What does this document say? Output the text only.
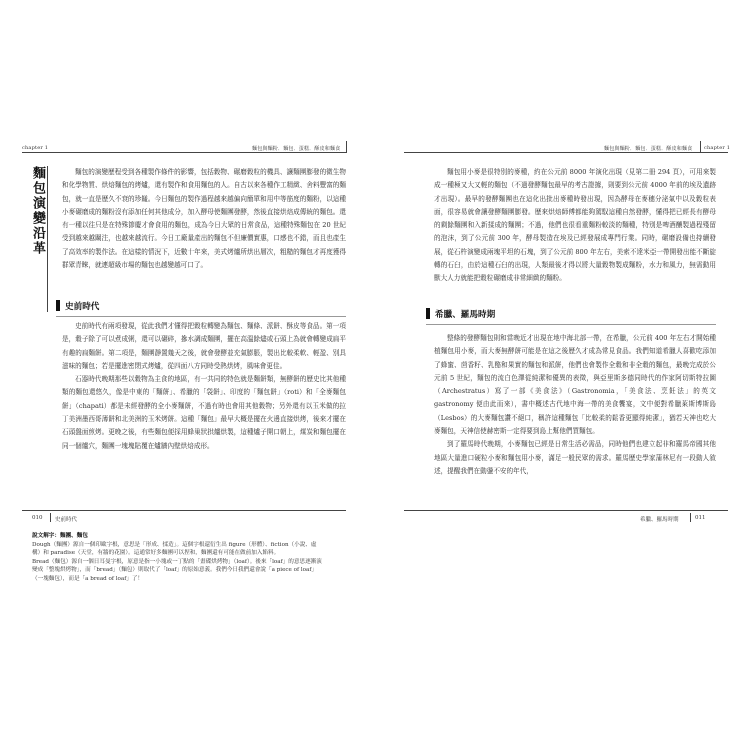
chapter 1	麵包與麵粉．麵包．蛋糕．酥皮和麵食
麵包演變沿革	麵包的演變歷程受到各種製作條件的影響，包括穀物、碾磨穀粒的機具、讓麵團膨發的微生物和化學物質、烘焙麵包的烤爐，還有製作和食用麵包的人。自古以來各種作工精緻、舍料豐富的麵包，就一直是歷久不衰的珍饈。今日麵包的製作過程越來越偏向簡單和用中等筋度的麵粉，以這種小麥碾磨成的麵粉沒有添加任何其他成分，加入酵母使麵團發酵，然後直接烘焙成傳統的麵包。還有一種以往只是在特殊節慶才會食用的麵包，成為今日大眾的日常食品，這種特殊麵包在 20 世紀受到越來越關注，也越來越流行。今日工廠量產出的麵包不但廉價實惠，口感也不錯，而且也產生了高效率的製作法。在這樣的情況下，近數十年來，美式烤爐所烘出層次，粗糙的麵包才再度獲得群眾青睞，就連超級市場的麵包也越變越可口了。

史前時代

史前時代有兩項發現，從此我們才懂得把穀粒轉變為麵包、麵條、派餅、酥皮等食品。第一項是，穀子除了可以煮成粥，還可以碾碎，摻水調成麵團，擺在高溫餘燼或石頭上為就會轉變成扁平有趣的扁麵餅。第二項是，麵團靜置幾天之後，就會發酵並充氣膨脹，製出比較柔軟、輕盈、別具滋味的麵包；若是擺進密閉式烤爐，從四面八方同時受熱烘烤，風味會更佳。

石器時代晚期那些以穀物為主食的地區，有一共同的特色就是麵餅類，無酵餅的歷史比其他種類的麵包還悠久，像是中東的「麵餅」、希臘的「袋餅」、印度的「麵包餅」（roti）和「全麥麵包餅」（chapati）都是未經發酵的全小麥麵餅，不過有時也會用其他穀物；另外還有以玉米做的拉丁美洲墨西哥薄餅和北美洲的玉米烤餅。這種「麵包」最早大概是擺在火邊直接烘烤，後來才擺在石頭盤面煎烤。更晚之後，有些麵包便採用蜂巢狀拱爐烘製，這種爐子開口朝上，煤炭和麵包擺在同一個爐穴，麵團一塊塊貼覆在爐牆內壁烘焙成形。

010 史前時代

說文解字：麵團、麵包

Dough（麵團）源自一個印歐字根，意思是「形成、揉造」。這個字根還衍生出 figure（形體）、fiction（小說、虛構）和 paradise（天堂，有牆的花園）。這通常好多麵團可以捏和，麵團還有可能在做前加入餡料。

Bread（麵包）源自一個日耳曼字根，原意是指一小塊或一丁點的「畫碟烘烤物」（loaf）。後來「loaf」的意思逐漸演變成「整塊烘烤物」，而「bread」（麵包）則取代了「loaf」的原始意義。我們今日我們還會說「a piece of loaf」（一塊麵包），而是「a bread of loaf」了！

麵包與麵粉．麵包．蛋糕．酥皮和麵食 chapter 1

麵包用小麥是很特別的麥種，約在公元前 8000 年演化出現（見第二冊 294 頁），可用來製成一種極又大又輕的麵包（不過發酵麵包最早的考古證據，則要到公元前 4000 年前的埃及遺跡才出現）。最早的發酵麵團也在這化出批出麥種時發出現，因為酵母在麥穗分泌氣中以及穀粒表面，很容易就會讓發酵麵團膨發。歷來烘焙師傅都能夠駕馭這種自然發酵，懂得把已經長有酵母的剩餘麵團和入新揉成的麵團；不過，他們也很看重麵粉較淡的麵種，特別是啤酒釀製過程殘留的泡沫，到了公元前 300 年，酵母製造在埃及已經發展成專門行業。同時，碾磨設備也持續發展，從石杵演變成兩塊平坦的石塊，到了公元前 800 年左右，美索不達米亞一帶開發出能不斷旋轉的石臼，由於這種石臼的出現，人類最後才得以將大量穀物製成麵粉，水力和風力，無需動用獸大人力就能把穀粒碾磨成非常細緻的麵粉。

希臘、羅馬時期

整條的發酵麵包則和當晚近才出現在地中海北部一帶，在希臘，公元前 400 年左右才開始種植麵包用小麥，而大麥無酵餅可能是在這之後歷久才成為常見食品。我們知道希臘人喜歡吃添加了蜂蜜、茴香籽、乳酪和果實的麵包和派餅，他們也會製作全穀和非全穀的麵包，最晚完成於公元前 5 世紀，麵包的流白色澤從純潔和優異的表徵，與亞里斯多德同時代的作家阿切斯特拉圖（Archestratus）寫了一部《美食法》（Gastronomia，「美食法、烹飪法」的英文 gastronomy 便由此而來），書中概述古代地中海一帶的美食饗宴，文中便對希臘萊斯博斯島（Lesbos）的大麥麵包讚不絕口，稱許這種麵包「比較柔的鬆香更顯得純潔」，猶若天神也吃大麥麵包，天神信使赫密斯一定得要到島上幫他們買麵包。

到了羅馬時代晚期，小麥麵包已經是日常生活必需品，同時他們也建立起非和羅馬帝國其他地區大量進口硬粒小麥和麵包用小麥，滿足一般民眾的需求。羅馬歷史學家蒲林尼有一段動人敘述，提醒我們在動盪不安的年代，

希臘、羅馬時期	011
